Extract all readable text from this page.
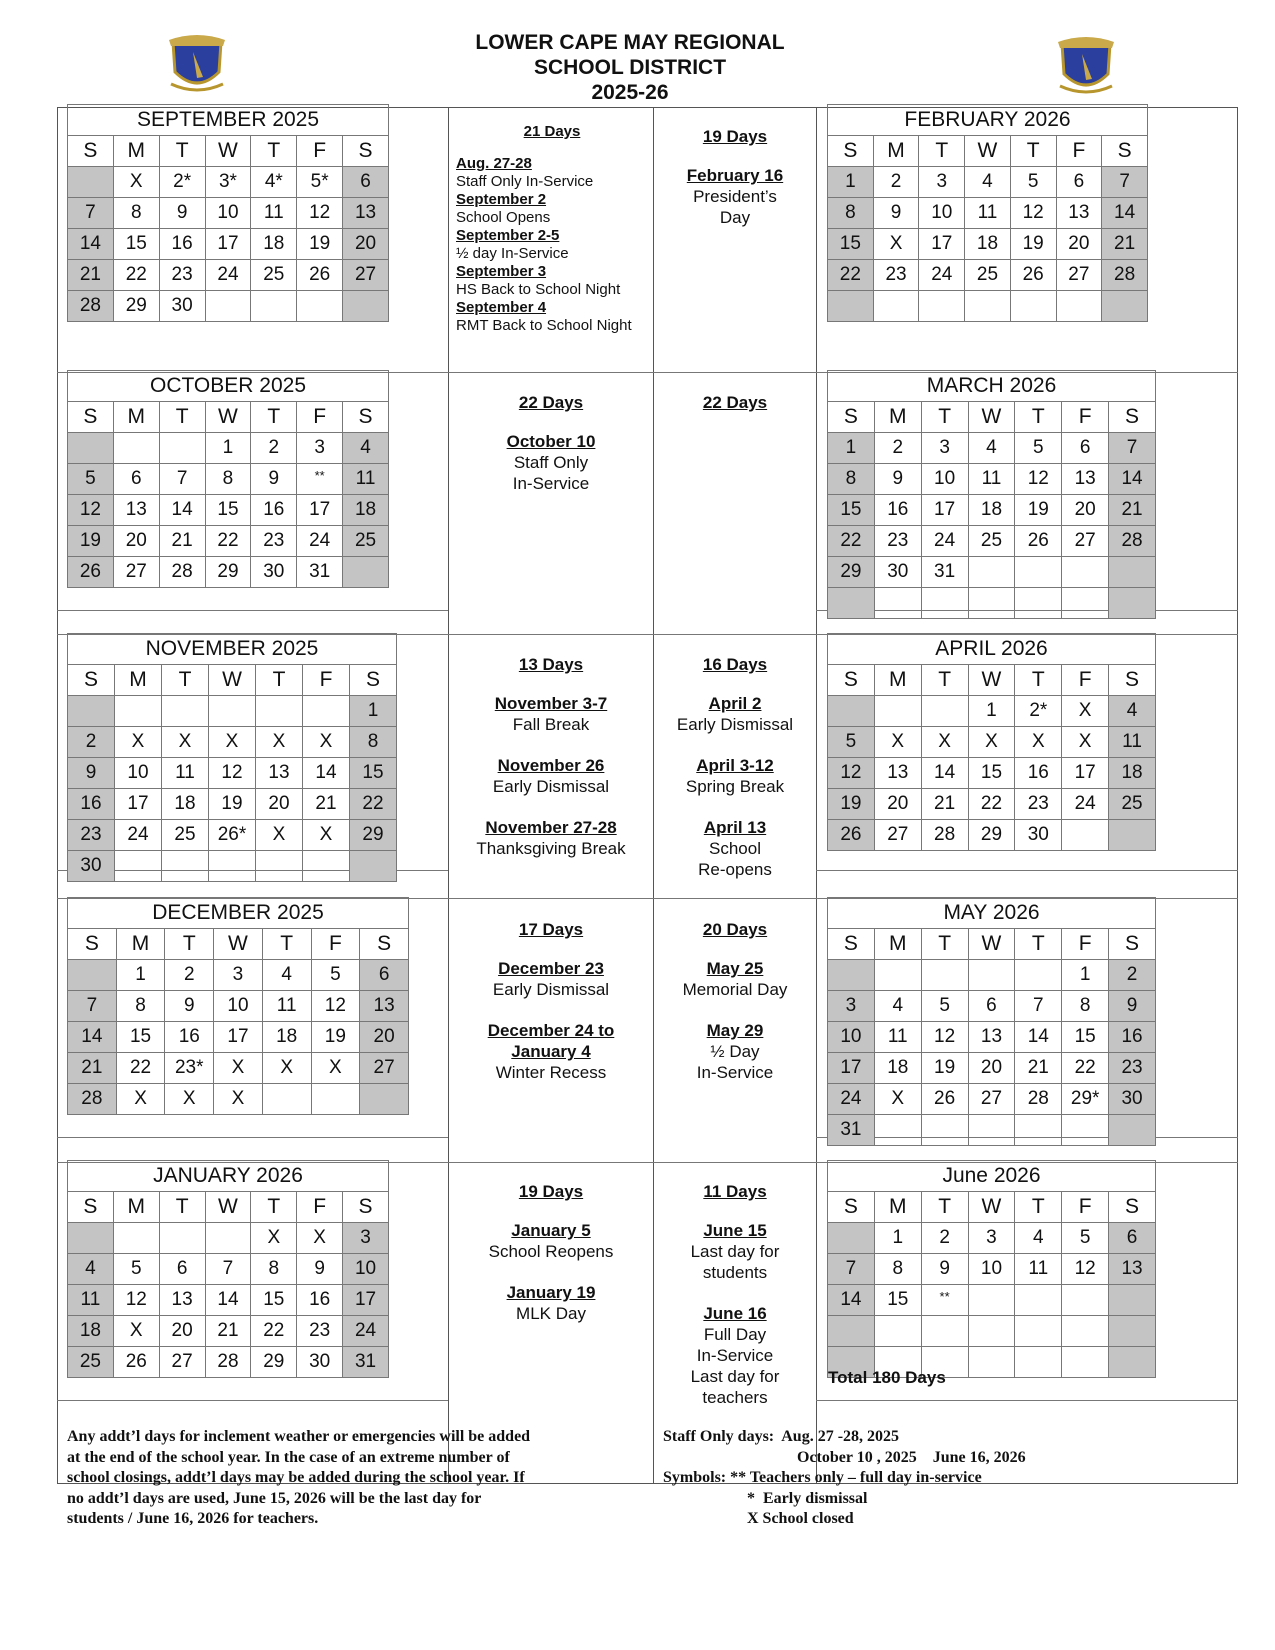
LOWER CAPE MAY REGIONAL
SCHOOL DISTRICT
2025-26
SEPTEMBER 2025						
S	M	T	W	T	F	S
	X	2*	3*	4*	5*	6
7	8	9	10	11	12	13
14	15	16	17	18	19	20
21	22	23	24	25	26	27
28	29	30				
OCTOBER 2025						
S	M	T	W	T	F	S
			1	2	3	4
5	6	7	8	9	**	11
12	13	14	15	16	17	18
19	20	21	22	23	24	25
26	27	28	29	30	31	
NOVEMBER 2025						
S	M	T	W	T	F	S
						1
2	X	X	X	X	X	8
9	10	11	12	13	14	15
16	17	18	19	20	21	22
23	24	25	26*	X	X	29
30						
DECEMBER 2025						
S	M	T	W	T	F	S
	1	2	3	4	5	6
7	8	9	10	11	12	13
14	15	16	17	18	19	20
21	22	23*	X	X	X	27
28	X	X	X			
JANUARY 2026						
S	M	T	W	T	F	S
				X	X	3
4	5	6	7	8	9	10
11	12	13	14	15	16	17
18	X	20	21	22	23	24
25	26	27	28	29	30	31
FEBRUARY 2026						
S	M	T	W	T	F	S
1	2	3	4	5	6	7
8	9	10	11	12	13	14
15	X	17	18	19	20	21
22	23	24	25	26	27	28

MARCH 2026						
S	M	T	W	T	F	S
1	2	3	4	5	6	7
8	9	10	11	12	13	14
15	16	17	18	19	20	21
22	23	24	25	26	27	28
29	30	31				

APRIL 2026						
S	M	T	W	T	F	S
			1	2*	X	4
5	X	X	X	X	X	11
12	13	14	15	16	17	18
19	20	21	22	23	24	25
26	27	28	29	30		
MAY 2026						
S	M	T	W	T	F	S
					1	2
3	4	5	6	7	8	9
10	11	12	13	14	15	16
17	18	19	20	21	22	23
24	X	26	27	28	29*	30
31						
June 2026						
S	M	T	W	T	F	S
	1	2	3	4	5	6
7	8	9	10	11	12	13
14	15	**				

21 Days
Aug. 27-28
Staff Only In-Service
September 2
School Opens
September 2-5
½ day In-Service
September 3
HS Back to School Night
September 4
RMT Back to School Night
19 Days
February 16
President’s
Day
22 Days
October 10
Staff Only
In-Service
22 Days
13 Days
November 3-7
Fall Break
November 26
Early Dismissal
November 27-28
Thanksgiving Break
16 Days
April 2
Early Dismissal
April 3-12
Spring Break
April 13
School
Re-opens
17 Days
December 23
Early Dismissal
December 24 to
January 4
Winter Recess
20 Days
May 25
Memorial Day
May 29
½ Day
In-Service
19 Days
January 5
School Reopens
January 19
MLK Day
11 Days
June 15
Last day for
students
June 16
Full Day
In-Service
Last day for
teachers
Total 180 Days
Any addt’l days for inclement weather or emergencies will be added
at the end of the school year. In the case of an extreme number of
school closings, addt’l days may be added during the school year. If
no addt’l days are used, June 15, 2026 will be the last day for
students / June 16, 2026 for teachers.
Staff Only days: Aug. 27 -28, 2025
October 10 , 2025    June 16, 2026
Symbols: ** Teachers only – full day in-service
*  Early dismissal
X School closed
